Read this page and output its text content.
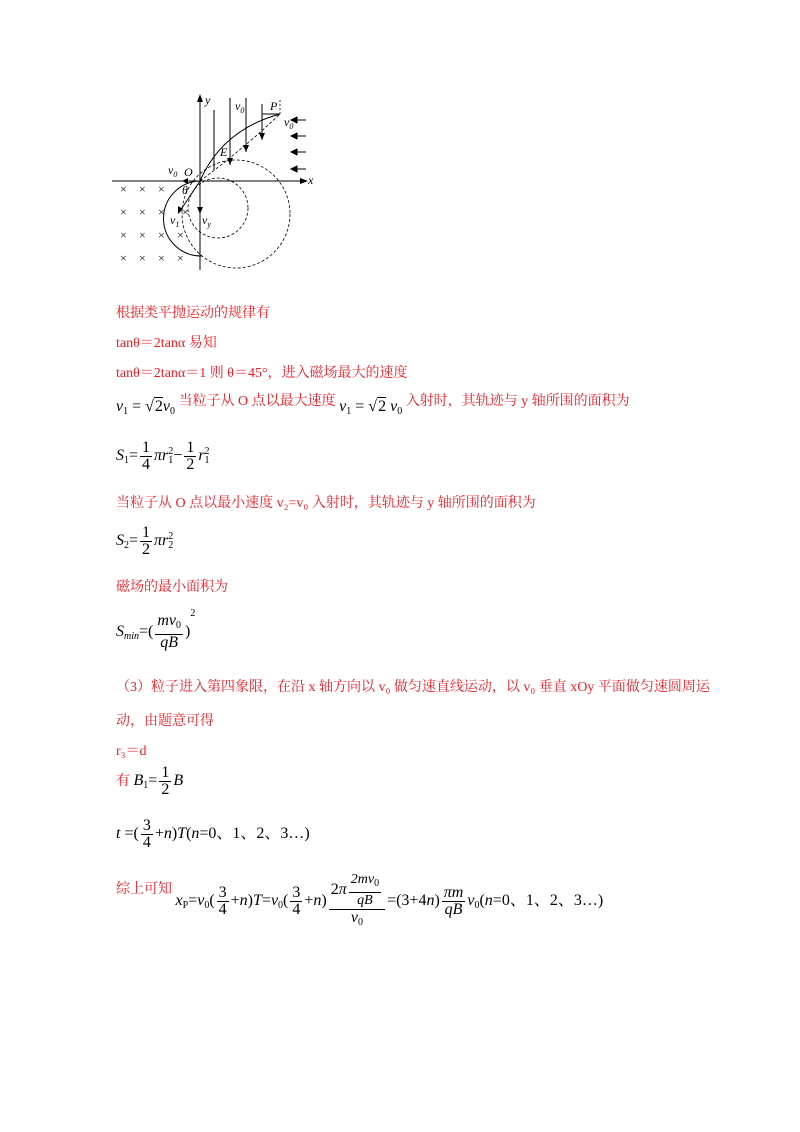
y
x
O
$v_0$ P
$v_0$
E
$v_0$
θ
$v_1$ $v_y$
× × ×
× × × ×
× × × ×
× × × ×
根据类平抛运动的规律有
tanθ＝2tanα 易知
tanθ＝2tanα＝1 则 θ＝45°，进入磁场最大的速度
$v_1 = √2v_0$ 当粒子从 O 点以最大速度 $v_1 = √2$ $v_0$ 入射时，其轨迹与 y 轴所围的面积为
$S_1= \frac{1}{4} \pi r_1^2- \frac{1}{2} r_1^2$
当粒子从 O 点以最小速度 v₂=v₀ 入射时，其轨迹与 y 轴所围的面积为
$S_2= \frac{1}{2} \pi r_2^2$
磁场的最小面积为
$S_{min}=( \frac{mv_0}{qB} )^2$
（3）粒子进入第四象限，在沿 x 轴方向以 v₀ 做匀速直线运动，以 v₀ 垂直 xOy 平面做匀速圆周运
动，由题意可得
r₃＝d
有 $B_1= \frac{1}{2}$ B
t =( $\frac{3}{4} +n)T(n=0$、1、2、3…)
综上可知 $x_P=v_0( \frac{3}{4} +n)T=v_0( \frac{3}{4} +n) \frac{2\pi \frac{2mv_0}{qB}}{v_0} =(3+4n) \frac{\pi m}{qB} v_0(n=0$、1、2、3…)
